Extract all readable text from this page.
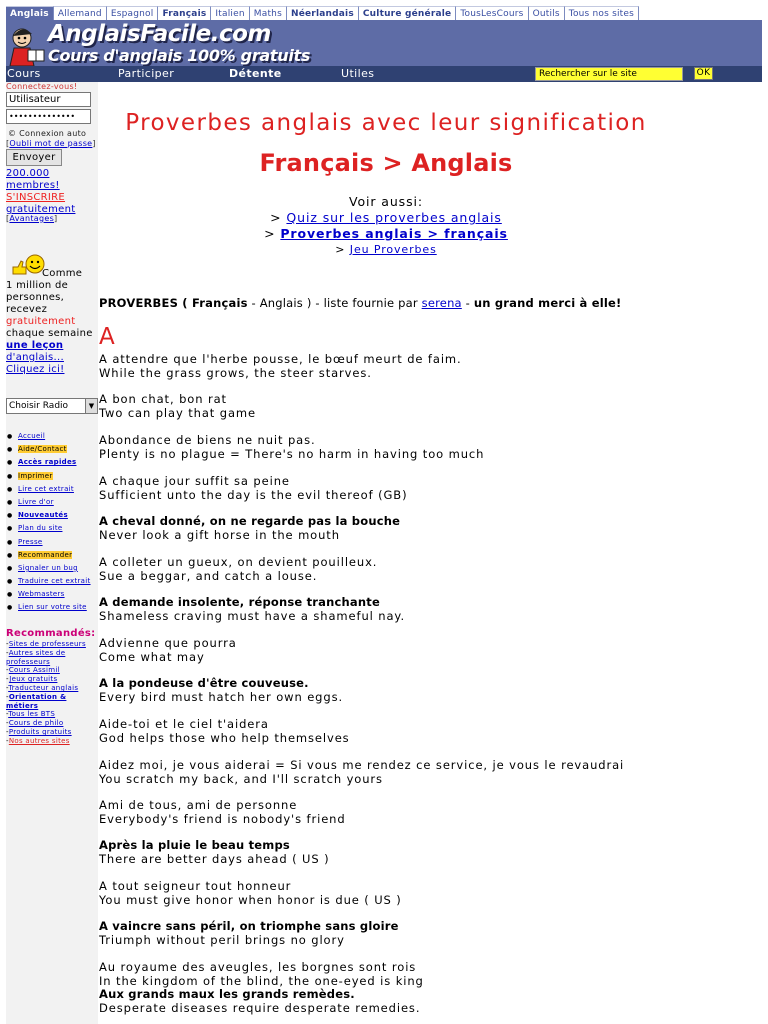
Anglais	Allemand	Espagnol	Français	Italien	Maths	Néerlandais	Culture générale	TousLesCours	Outils	Tous nos sites
AnglaisFacile.com
Cours d'anglais 100% gratuits
Cours	Participer	Détente	Utiles	Rechercher sur le site	OK
Connectez-vous!
Utilisateur
••••••••••••••
© Connexion auto
[Oubli mot de passe]
Envoyer
200.000
membres!
S'INSCRIRE
gratuitement
[Avantages]
Comme
1 million de
personnes,
recevez
gratuitement
chaque semaine
une leçon
d'anglais...
Cliquez ici!
Choisir Radio	▼
● Accueil
● Aide/Contact
● Accès rapides
● Imprimer
● Lire cet extrait
● Livre d'or
● Nouveautés
● Plan du site
● Presse
● Recommander
● Signaler un bug
● Traduire cet extrait
● Webmasters
● Lien sur votre site
Recommandés:
-Sites de professeurs
-Autres sites de professeurs
-Cours Assimil
-Jeux gratuits
-Traducteur anglais
-Orientation & métiers
-Tous les BTS
-Cours de philo
-Produits gratuits
-Nos autres sites
Proverbes anglais avec leur signification
Français > Anglais
Voir aussi:
> Quiz sur les proverbes anglais
> Proverbes anglais > français
> Jeu Proverbes
PROVERBES ( Français - Anglais ) - liste fournie par serena - un grand merci à elle!
A
A attendre que l'herbe pousse, le bœuf meurt de faim.
While the grass grows, the steer starves.
A bon chat, bon rat
Two can play that game
Abondance de biens ne nuit pas.
Plenty is no plague = There's no harm in having too much
A chaque jour suffit sa peine
Sufficient unto the day is the evil thereof (GB)
A cheval donné, on ne regarde pas la bouche
Never look a gift horse in the mouth
A colleter un gueux, on devient pouilleux.
Sue a beggar, and catch a louse.
A demande insolente, réponse tranchante
Shameless craving must have a shameful nay.
Advienne que pourra
Come what may
A la pondeuse d'être couveuse.
Every bird must hatch her own eggs.
Aide-toi et le ciel t'aidera
God helps those who help themselves
Aidez moi, je vous aiderai = Si vous me rendez ce service, je vous le revaudrai
You scratch my back, and I'll scratch yours
Ami de tous, ami de personne
Everybody's friend is nobody's friend
Après la pluie le beau temps
There are better days ahead ( US )
A tout seigneur tout honneur
You must give honor when honor is due ( US )
A vaincre sans péril, on triomphe sans gloire
Triumph without peril brings no glory
Au royaume des aveugles, les borgnes sont rois
In the kingdom of the blind, the one-eyed is king
Aux grands maux les grands remèdes.
Desperate diseases require desperate remedies.
